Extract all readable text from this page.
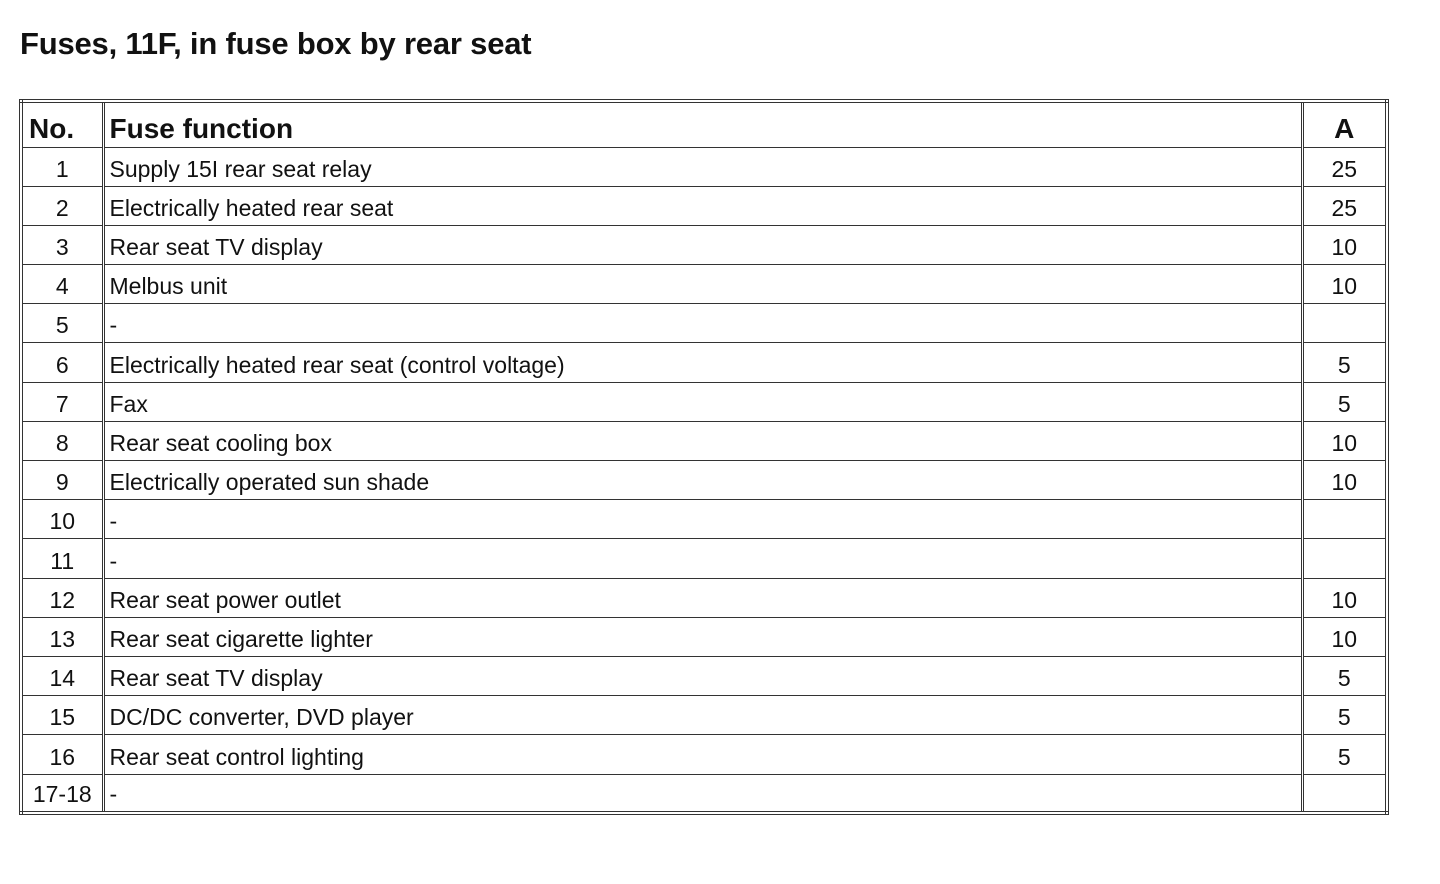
Fuses, 11F, in fuse box by rear seat
No.	Fuse function	A
1	Supply 15I rear seat relay	25
2	Electrically heated rear seat	25
3	Rear seat TV display	10
4	Melbus unit	10
5	-	
6	Electrically heated rear seat (control voltage)	5
7	Fax	5
8	Rear seat cooling box	10
9	Electrically operated sun shade	10
10	-	
11	-	
12	Rear seat power outlet	10
13	Rear seat cigarette lighter	10
14	Rear seat TV display	5
15	DC/DC converter, DVD player	5
16	Rear seat control lighting	5
17-18	-	
